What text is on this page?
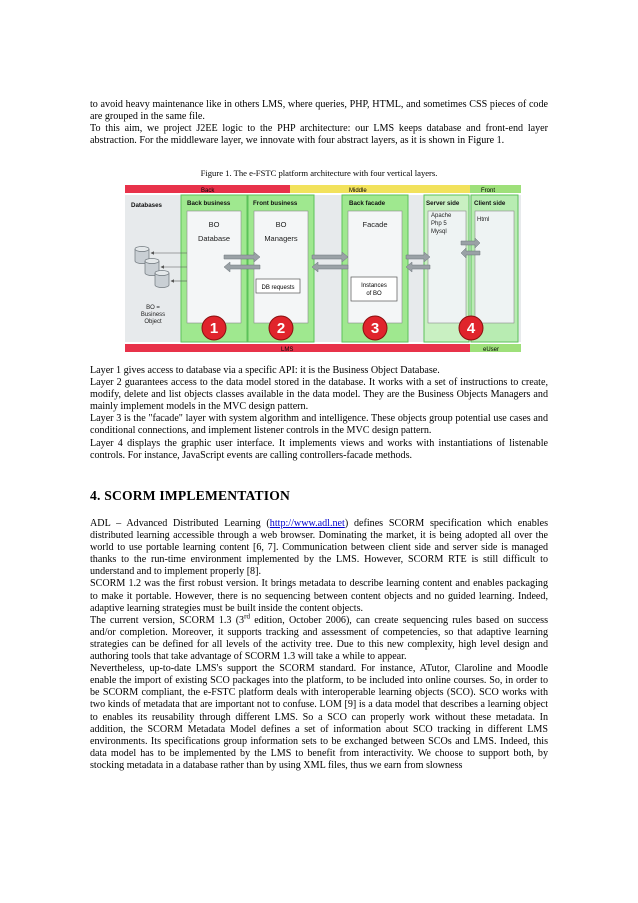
to avoid heavy maintenance like in others LMS, where queries, PHP, HTML, and sometimes CSS pieces of code are grouped in the same file.

To this aim, we project J2EE logic to the PHP architecture: our LMS keeps database and front-end layer abstraction. For the middleware layer, we innovate with four abstract layers, as it is shown in Figure 1.

Figure 1. The e-FSTC platform architecture with four vertical layers.
Back	Middle	Front
Databases	Back business	Front business	Back facade	Server side Client side
BO
Database
BO
Managers
Facade
Apache
Php 5
Mysql
Html
DB requests	Instances
of BO
BO =
Business
Object	1	2	3	4
LMS	eUser

Layer 1 gives access to database via a specific API: it is the Business Object Database.

Layer 2 guarantees access to the data model stored in the database. It works with a set of instructions to create, modify, delete and list objects classes available in the data model. They are the Business Objects Managers and mainly implement models in the MVC design pattern.

Layer 3 is the "facade" layer with system algorithm and intelligence. These objects group potential use cases and conditional connections, and implement listener controls in the MVC design pattern.

Layer 4 displays the graphic user interface. It implements views and works with instantiations of listenable controls. For instance, JavaScript events are calling controllers-facade methods.

4. SCORM IMPLEMENTATION

ADL – Advanced Distributed Learning (http://www.adl.net) defines SCORM specification which enables distributed learning accessible through a web browser. Dominating the market, it is being adopted all over the world to use portable learning content [6, 7]. Communication between client side and server side is managed thanks to the run-time environment implemented by the LMS. However, SCORM RTE is still difficult to understand and to implement properly [8].

SCORM 1.2 was the first robust version. It brings metadata to describe learning content and enables packaging to make it portable. However, there is no sequencing between content objects and no guided learning. Indeed, adaptive learning strategies must be built inside the content objects.

The current version, SCORM 1.3 (3rd edition, October 2006), can create sequencing rules based on success and/or completion. Moreover, it supports tracking and assessment of competencies, so that adaptive learning strategies can be defined for all levels of the activity tree. Due to this new complexity, high level design and authoring tools that take advantage of SCORM 1.3 will take a while to appear.

Nevertheless, up-to-date LMS's support the SCORM standard. For instance, ATutor, Claroline and Moodle enable the import of existing SCO packages into the platform, to be included into online courses. So, in order to be SCORM compliant, the e-FSTC platform deals with interoperable learning objects (SCO). SCO works with two kinds of metadata that are important not to confuse. LOM [9] is a data model that describes a learning object to enables its reusability through different LMS. So a SCO can properly work without these metadata. In addition, the SCORM Metadata Model defines a set of information about SCO tracking in different LMS environments. Its specifications group information sets to be exchanged between SCOs and LMS. Indeed, this data model has to be implemented by the LMS to benefit from interactivity. We choose to support both, by stocking metadata in a database rather than by using XML files, thus we earn from slowness
